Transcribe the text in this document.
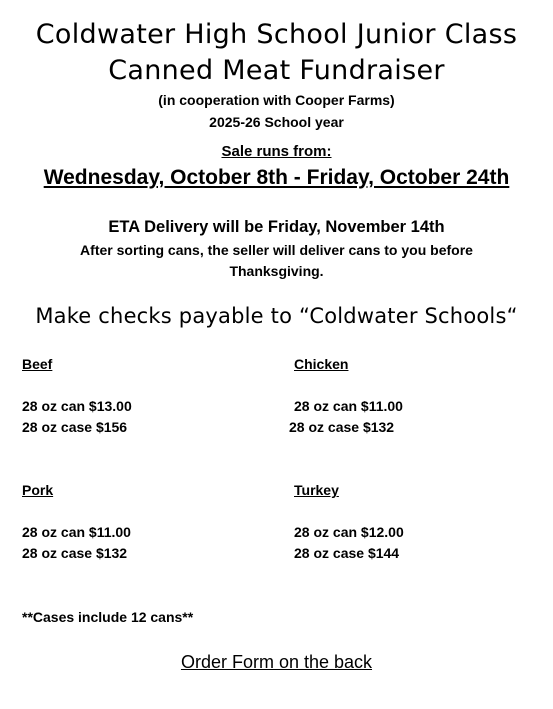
Coldwater High School Junior Class
Canned Meat Fundraiser
(in cooperation with Cooper Farms)
2025-26 School year
Sale runs from:
Wednesday, October 8th - Friday, October 24th
ETA Delivery will be Friday, November 14th
After sorting cans, the seller will deliver cans to you before
Thanksgiving.
Make checks payable to “Coldwater Schools“
Beef
28 oz can $13.00
28 oz case $156
Chicken
28 oz can $11.00
28 oz case $132
Pork
28 oz can $11.00
28 oz case $132
Turkey
28 oz can $12.00
28 oz case $144
**Cases include 12 cans**
Order Form on the back
